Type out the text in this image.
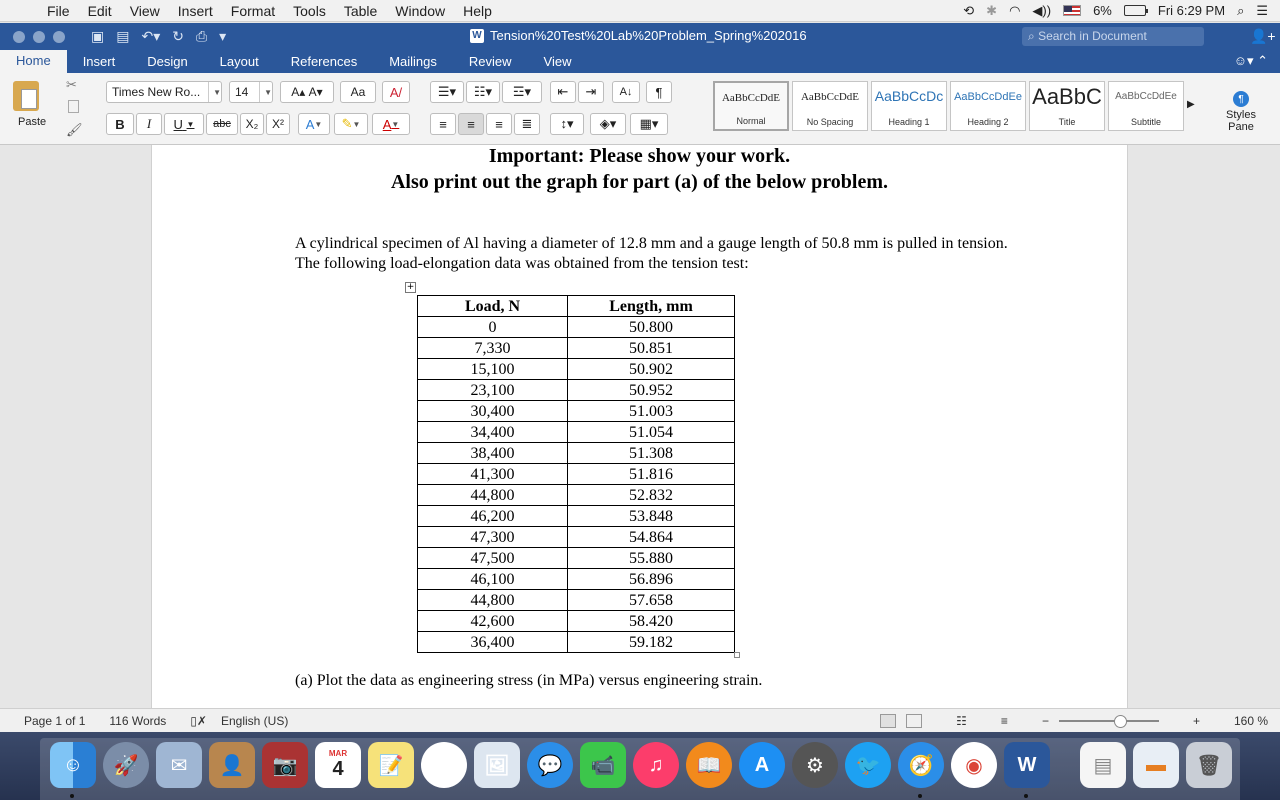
File	Edit	View	Insert	Format	Tools	Table	Window	Help	⟲ ✱ ◠ ◀))	6%	Fri 6:29 PM ⌕ ☰
▣ ▤ ↶▾ ↻ ⎙ ▾	W Tension%20Test%20Lab%20Problem_Spring%202016	⌕ Search in Document	👤+
Home	Insert	Design	Layout	References	Mailings	Review	View	☺▾ ⌃
Paste
✂
🖌
Times New Ro...	▼ 14	▼ A▴
A▾ Aa	A/
B I U
▼ abc X₂ X² A ▼	✎ ▼ A ▼
☰▾	☷▾	☲▾	⇤	⇥	A↓	¶
≡	≡	≡	≣	↕▾	◈▾	▦▾
AaBbCcDdE
Normal
AaBbCcDdE
No Spacing
AaBbCcDc
Heading 1
AaBbCcDdEe
Heading 2
AaBbC
Title
AaBbCcDdEe
Subtitle
▶	¶
Styles Pane
Important: Please show your work.
Also print out the graph for part (a) of the below problem.
A cylindrical specimen of Al having a diameter of 12.8 mm and a gauge length of 50.8 mm is pulled in tension. The following load-elongation data was obtained from the tension test:
+
Load, N	Length, mm
0	50.800
7,330	50.851
15,100	50.902
23,100	50.952
30,400	51.003
34,400	51.054
38,400	51.308
41,300	51.816
44,800	52.832
46,200	53.848
47,300	54.864
47,500	55.880
46,100	56.896
44,800	57.658
42,600	58.420
36,400	59.182
(a) Plot the data as engineering stress (in MPa) versus engineering strain.
Page 1 of 1 116 Words ▯✗ English (US)	☷	≡	−	+	160 %
☺	🚀	✉	👤	📷
MAR
4	📝	✿	🖼	💬	📹	♫	📖	A	⚙	🐦	🧭	◉	W	▤	▬	🗑
